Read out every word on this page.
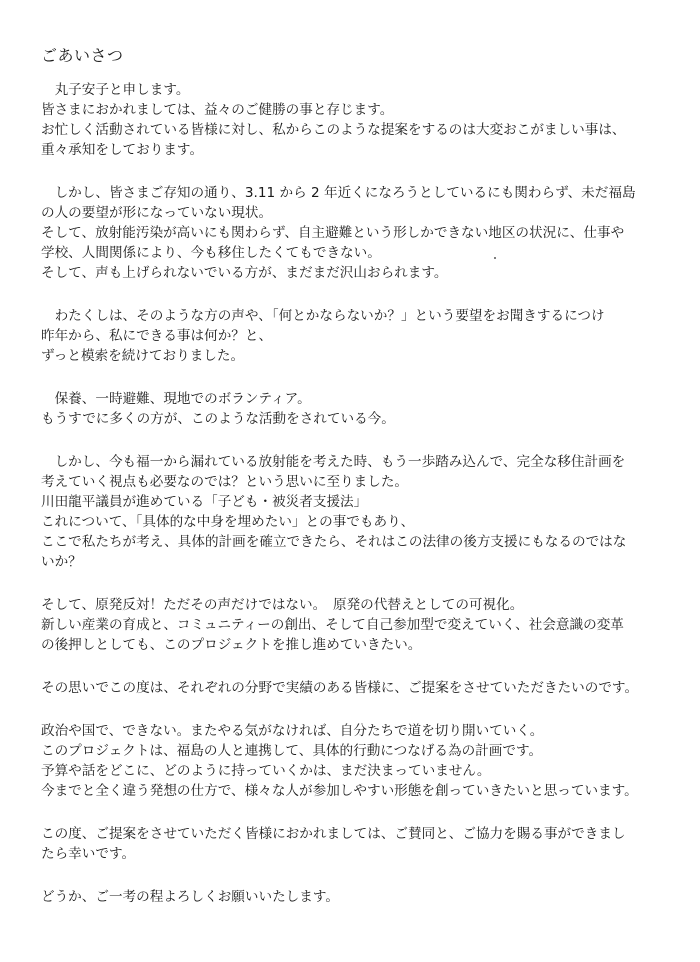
ごあいさつ
　丸子安子と申します。
皆さまにおかれましては、益々のご健勝の事と存じます。
お忙しく活動されている皆様に対し、私からこのような提案をするのは大変おこがましい事は、
重々承知をしております。
　しかし、皆さまご存知の通り、3.11 から 2 年近くになろうとしているにも関わらず、未だ福島
の人の要望が形になっていない現状。
そして、放射能汚染が高いにも関わらず、自主避難という形しかできない地区の状況に、仕事や
学校、人間関係により、今も移住したくてもできない。
そして、声も上げられないでいる方が、まだまだ沢山おられます。
　わたくしは、そのような方の声や、「何とかならないか？」という要望をお聞きするにつけ
昨年から、私にできる事は何か？と、
ずっと模索を続けておりました。
　保養、一時避難、現地でのボランティア。
もうすでに多くの方が、このような活動をされている今。
　しかし、今も福一から漏れている放射能を考えた時、もう一歩踏み込んで、完全な移住計画を
考えていく視点も必要なのでは？という思いに至りました。
川田龍平議員が進めている「子ども・被災者支援法」
これについて、「具体的な中身を埋めたい」との事でもあり、
ここで私たちが考え、具体的計画を確立できたら、それはこの法律の後方支援にもなるのではな
いか？
そして、原発反対！ただその声だけではない。　原発の代替えとしての可視化。
新しい産業の育成と、コミュニティーの創出、そして自己参加型で変えていく、社会意識の変革
の後押しとしても、このプロジェクトを推し進めていきたい。
その思いでこの度は、それぞれの分野で実績のある皆様に、ご提案をさせていただきたいのです。
政治や国で、できない。またやる気がなければ、自分たちで道を切り開いていく。
このプロジェクトは、福島の人と連携して、具体的行動につなげる為の計画です。
予算や話をどこに、どのように持っていくかは、まだ決まっていません。
今までと全く違う発想の仕方で、様々な人が参加しやすい形態を創っていきたいと思っています。
この度、ご提案をさせていただく皆様におかれましては、ご賛同と、ご協力を賜る事ができまし
たら幸いです。
どうか、ご一考の程よろしくお願いいたします。
